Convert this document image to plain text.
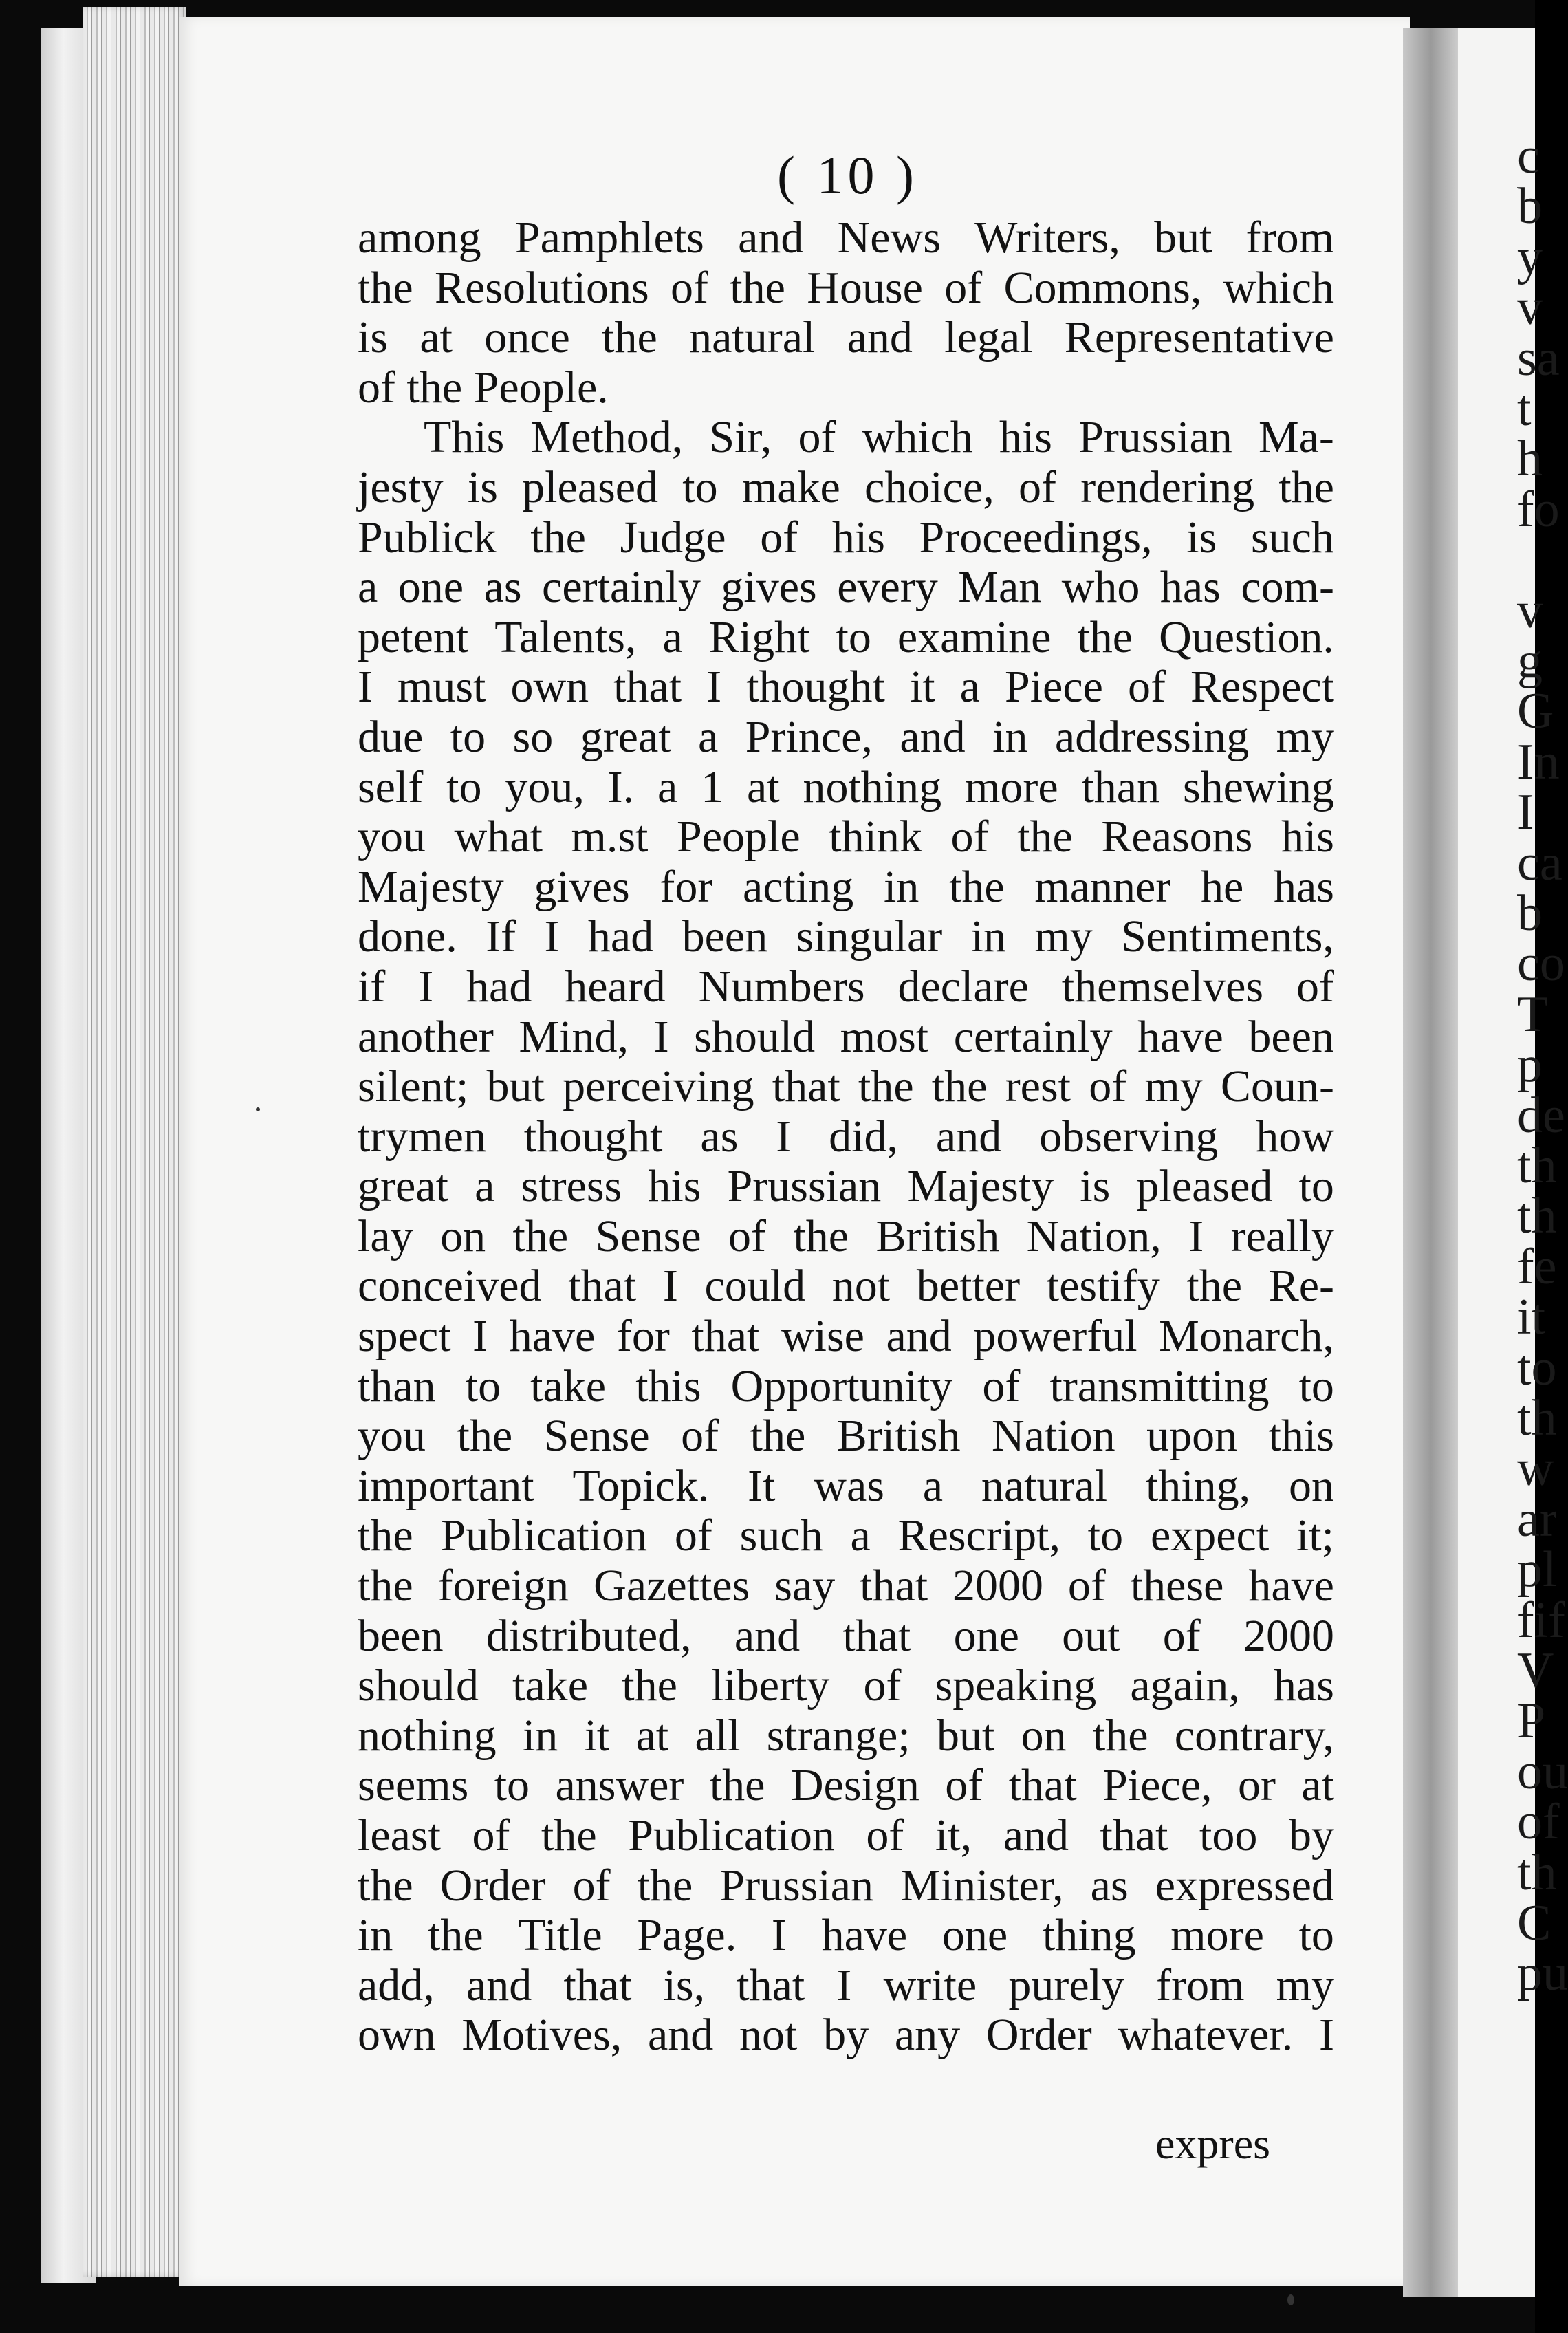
( 10 )
among Pamphlets and News Writers, but from
the Resolutions of the House of Commons, which
is at once the natural and legal Representative
of the People.
This Method, Sir, of which his Prussian Ma-
jesty is pleased to make choice, of rendering the
Publick the Judge of his Proceedings, is such
a one as certainly gives every Man who has com-
petent Talents, a Right to examine the Question.
I must own that I thought it a Piece of Respect
due to so great a Prince, and in addressing my
self to you, I. a 1 at nothing more than shewing
you what m.st People think of the Reasons his
Majesty gives for acting in the manner he has
done. If I had been singular in my Sentiments,
if I had heard Numbers declare themselves of
another Mind, I should most certainly have been
silent; but perceiving that the the rest of my Coun-
trymen thought as I did, and observing how
great a stress his Prussian Majesty is pleased to
lay on the Sense of the British Nation, I really
conceived that I could not better testify the Re-
spect I have for that wise and powerful Monarch,
than to take this Opportunity of transmitting to
you the Sense of the British Nation upon this
important Topick. It was a natural thing, on
the Publication of such a Rescript, to expect it;
the foreign Gazettes say that 2000 of these have
been distributed, and that one out of 2000
should take the liberty of speaking again, has
nothing in it at all strange; but on the contrary,
seems to answer the Design of that Piece, or at
least of the Publication of it, and that too by
the Order of the Prussian Minister, as expressed
in the Title Page. I have one thing more to
add, and that is, that I write purely from my
own Motives, and not by any Order whatever. I
expres
c
b
y
v
sa
t
h
fo
v
g
G
In
I
ca
b
co
T
p
de
th
th
fe
it
to
th
w
ar
pl
fif
V
P
ou
of
th
C
pu
